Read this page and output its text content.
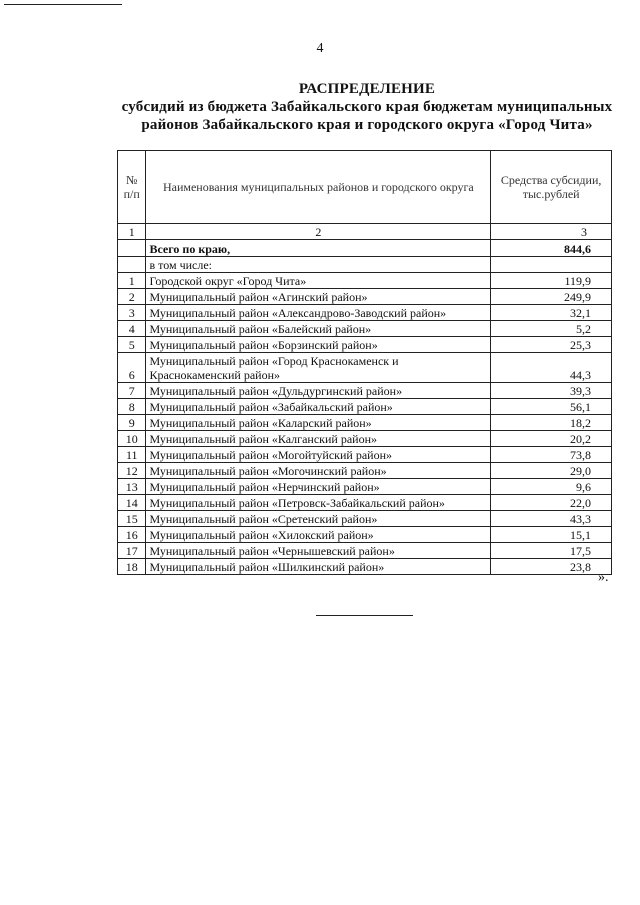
4
РАСПРЕДЕЛЕНИЕ
субсидий из бюджета Забайкальского края бюджетам муниципальных
районов Забайкальского края и городского округа «Город Чита»
№ п/п	Наименования муниципальных районов и городского округа	Средства субсидии, тыс.рублей
1	2	3
	Всего по краю,	844,6
	в том числе:	
1	Городской округ «Город Чита»	119,9
2	Муниципальный район «Агинский район»	249,9
3	Муниципальный район «Александрово-Заводский район»	32,1
4	Муниципальный район «Балейский район»	5,2
5	Муниципальный район «Борзинский район»	25,3
6	Муниципальный район «Город Краснокаменск и Краснокаменский район»	44,3
7	Муниципальный район «Дульдургинский район»	39,3
8	Муниципальный район «Забайкальский район»	56,1
9	Муниципальный район «Каларский район»	18,2
10	Муниципальный район «Калганский район»	20,2
11	Муниципальный район «Могойтуйский район»	73,8
12	Муниципальный район «Могочинский район»	29,0
13	Муниципальный район «Нерчинский район»	9,6
14	Муниципальный район «Петровск-Забайкальский район»	22,0
15	Муниципальный район «Сретенский район»	43,3
16	Муниципальный район «Хилокский район»	15,1
17	Муниципальный район «Чернышевский район»	17,5
18	Муниципальный район «Шилкинский район»	23,8
».
